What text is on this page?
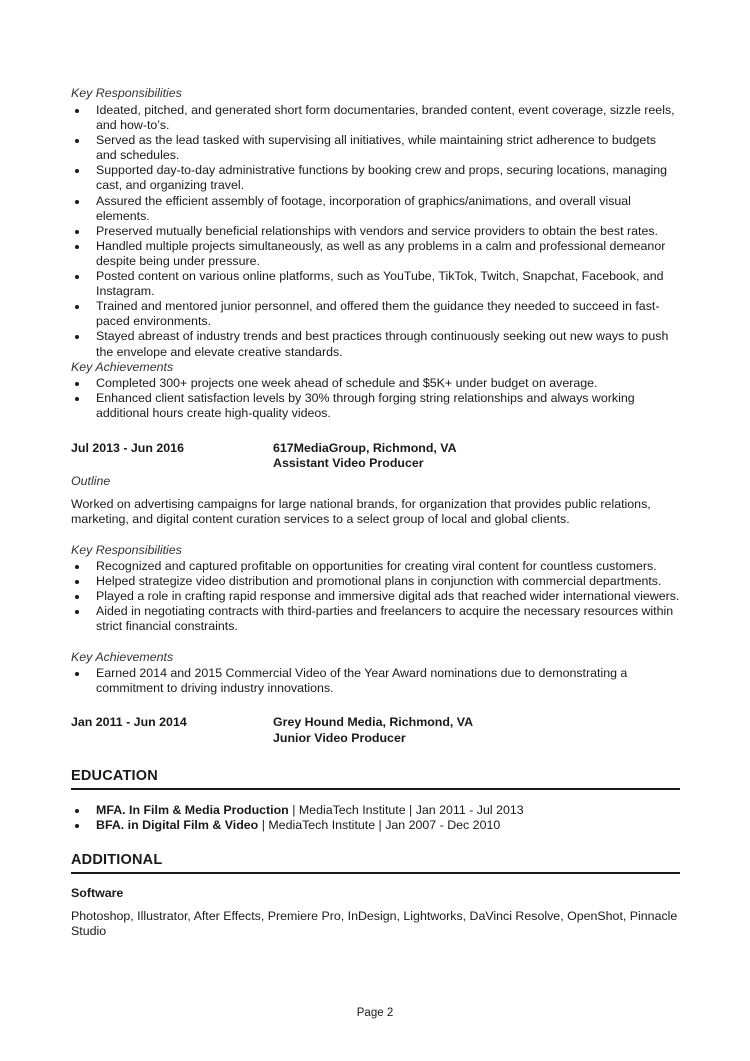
Key Responsibilities
Ideated, pitched, and generated short form documentaries, branded content, event coverage, sizzle reels, and how-to’s.
Served as the lead tasked with supervising all initiatives, while maintaining strict adherence to budgets and schedules.
Supported day-to-day administrative functions by booking crew and props, securing locations, managing cast, and organizing travel.
Assured the efficient assembly of footage, incorporation of graphics/animations, and overall visual elements.
Preserved mutually beneficial relationships with vendors and service providers to obtain the best rates.
Handled multiple projects simultaneously, as well as any problems in a calm and professional demeanor despite being under pressure.
Posted content on various online platforms, such as YouTube, TikTok, Twitch, Snapchat, Facebook, and Instagram.
Trained and mentored junior personnel, and offered them the guidance they needed to succeed in fast-paced environments.
Stayed abreast of industry trends and best practices through continuously seeking out new ways to push the envelope and elevate creative standards.
Key Achievements
Completed 300+ projects one week ahead of schedule and $5K+ under budget on average.
Enhanced client satisfaction levels by 30% through forging string relationships and always working additional hours create high-quality videos.
Jul 2013 - Jun 2016	617MediaGroup, Richmond, VA
Assistant Video Producer
Outline
Worked on advertising campaigns for large national brands, for organization that provides public relations, marketing, and digital content curation services to a select group of local and global clients.
Key Responsibilities
Recognized and captured profitable on opportunities for creating viral content for countless customers.
Helped strategize video distribution and promotional plans in conjunction with commercial departments.
Played a role in crafting rapid response and immersive digital ads that reached wider international viewers.
Aided in negotiating contracts with third-parties and freelancers to acquire the necessary resources within strict financial constraints.
Key Achievements
Earned 2014 and 2015 Commercial Video of the Year Award nominations due to demonstrating a commitment to driving industry innovations.
Jan 2011 - Jun 2014	Grey Hound Media, Richmond, VA
Junior Video Producer
EDUCATION
MFA. In Film & Media Production | MediaTech Institute | Jan 2011 - Jul 2013
BFA. in Digital Film & Video | MediaTech Institute | Jan 2007 - Dec 2010
ADDITIONAL
Software
Photoshop, Illustrator, After Effects, Premiere Pro, InDesign, Lightworks, DaVinci Resolve, OpenShot, Pinnacle Studio
Page 2
